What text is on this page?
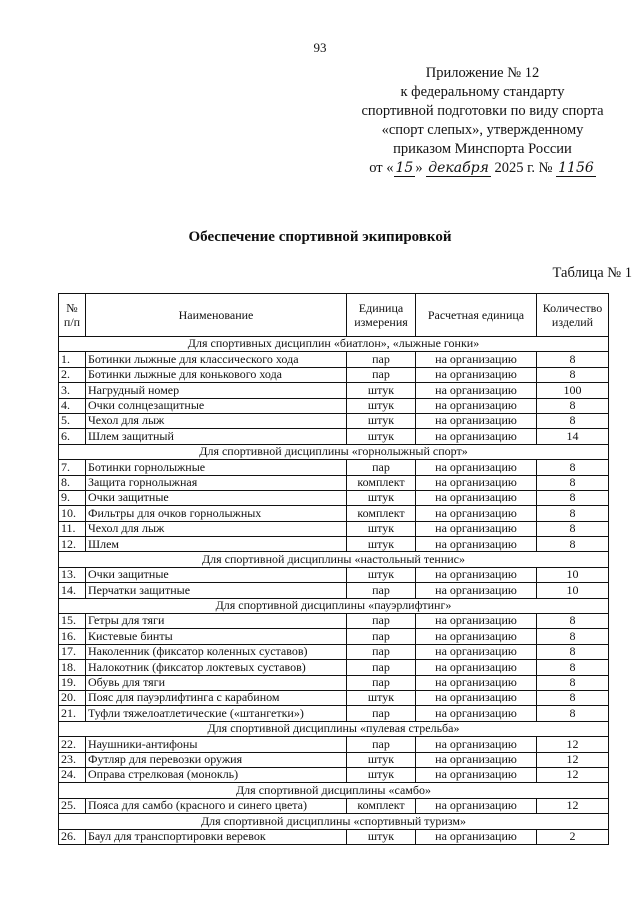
93
Приложение № 12
к федеральному стандарту
спортивной подготовки по виду спорта
«спорт слепых», утвержденному
приказом Минспорта России
от « 15 » декабря 2025 г. № 1156
Обеспечение спортивной экипировкой
Таблица № 1
№ п/п	Наименование	Единица измерения	Расчетная единица	Количество изделий
Для спортивных дисциплин «биатлон», «лыжные гонки»				
1.	Ботинки лыжные для классического хода	пар	на организацию	8
2.	Ботинки лыжные для конькового хода	пар	на организацию	8
3.	Нагрудный номер	штук	на организацию	100
4.	Очки солнцезащитные	штук	на организацию	8
5.	Чехол для лыж	штук	на организацию	8
6.	Шлем защитный	штук	на организацию	14
Для спортивной дисциплины «горнолыжный спорт»				
7.	Ботинки горнолыжные	пар	на организацию	8
8.	Защита горнолыжная	комплект	на организацию	8
9.	Очки защитные	штук	на организацию	8
10.	Фильтры для очков горнолыжных	комплект	на организацию	8
11.	Чехол для лыж	штук	на организацию	8
12.	Шлем	штук	на организацию	8
Для спортивной дисциплины «настольный теннис»				
13.	Очки защитные	штук	на организацию	10
14.	Перчатки защитные	пар	на организацию	10
Для спортивной дисциплины «пауэрлифтинг»				
15.	Гетры для тяги	пар	на организацию	8
16.	Кистевые бинты	пар	на организацию	8
17.	Наколенник (фиксатор коленных суставов)	пар	на организацию	8
18.	Налокотник (фиксатор локтевых суставов)	пар	на организацию	8
19.	Обувь для тяги	пар	на организацию	8
20.	Пояс для пауэрлифтинга с карабином	штук	на организацию	8
21.	Туфли тяжелоатлетические («штангетки»)	пар	на организацию	8
Для спортивной дисциплины «пулевая стрельба»				
22.	Наушники-антифоны	пар	на организацию	12
23.	Футляр для перевозки оружия	штук	на организацию	12
24.	Оправа стрелковая (монокль)	штук	на организацию	12
Для спортивной дисциплины «самбо»				
25.	Пояса для самбо (красного и синего цвета)	комплект	на организацию	12
Для спортивной дисциплины «спортивный туризм»				
26.	Баул для транспортировки веревок	штук	на организацию	2
